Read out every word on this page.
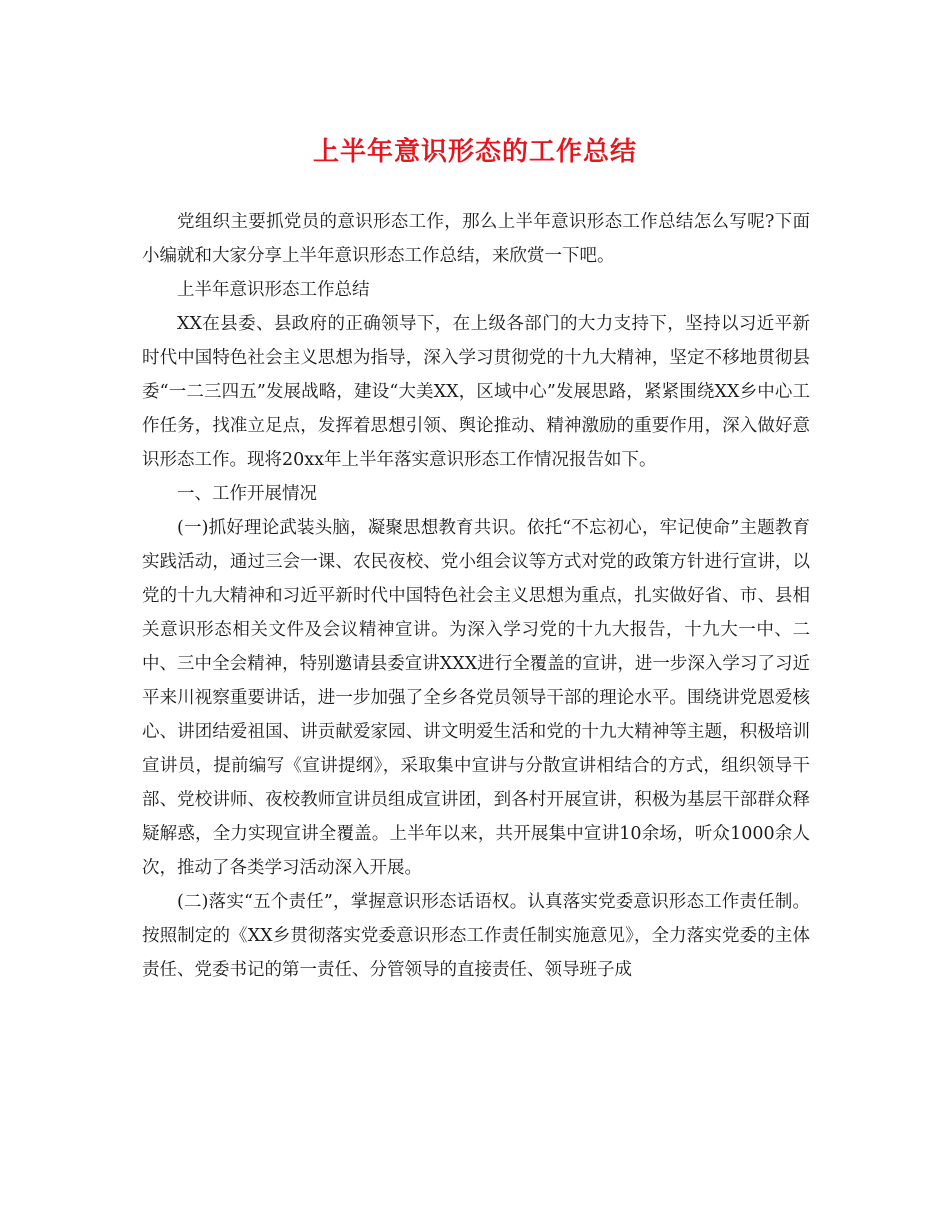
上半年意识形态的工作总结

党组织主要抓党员的意识形态工作，那么上半年意识形态工作总结怎么写呢?下面小编就和大家分享上半年意识形态工作总结，来欣赏一下吧。

上半年意识形态工作总结

XX在县委、县政府的正确领导下，在上级各部门的大力支持下，坚持以习近平新时代中国特色社会主义思想为指导，深入学习贯彻党的十九大精神，坚定不移地贯彻县委“一二三四五”发展战略，建设“大美XX，区域中心”发展思路，紧紧围绕XX乡中心工作任务，找准立足点，发挥着思想引领、舆论推动、精神激励的重要作用，深入做好意识形态工作。现将20xx年上半年落实意识形态工作情况报告如下。

一、工作开展情况

(一)抓好理论武装头脑，凝聚思想教育共识。依托“不忘初心，牢记使命”主题教育实践活动，通过三会一课、农民夜校、党小组会议等方式对党的政策方针进行宣讲，以党的十九大精神和习近平新时代中国特色社会主义思想为重点，扎实做好省、市、县相关意识形态相关文件及会议精神宣讲。为深入学习党的十九大报告，十九大一中、二中、三中全会精神，特别邀请县委宣讲XXX进行全覆盖的宣讲，进一步深入学习了习近平来川视察重要讲话，进一步加强了全乡各党员领导干部的理论水平。围绕讲党恩爱核心、讲团结爱祖国、讲贡献爱家园、讲文明爱生活和党的十九大精神等主题，积极培训宣讲员，提前编写《宣讲提纲》，采取集中宣讲与分散宣讲相结合的方式，组织领导干部、党校讲师、夜校教师宣讲员组成宣讲团，到各村开展宣讲，积极为基层干部群众释疑解惑，全力实现宣讲全覆盖。上半年以来，共开展集中宣讲10余场，听众1000余人次，推动了各类学习活动深入开展。

(二)落实“五个责任”，掌握意识形态话语权。认真落实党委意识形态工作责任制。按照制定的《XX乡贯彻落实党委意识形态工作责任制实施意见》，全力落实党委的主体责任、党委书记的第一责任、分管领导的直接责任、领导班子成
